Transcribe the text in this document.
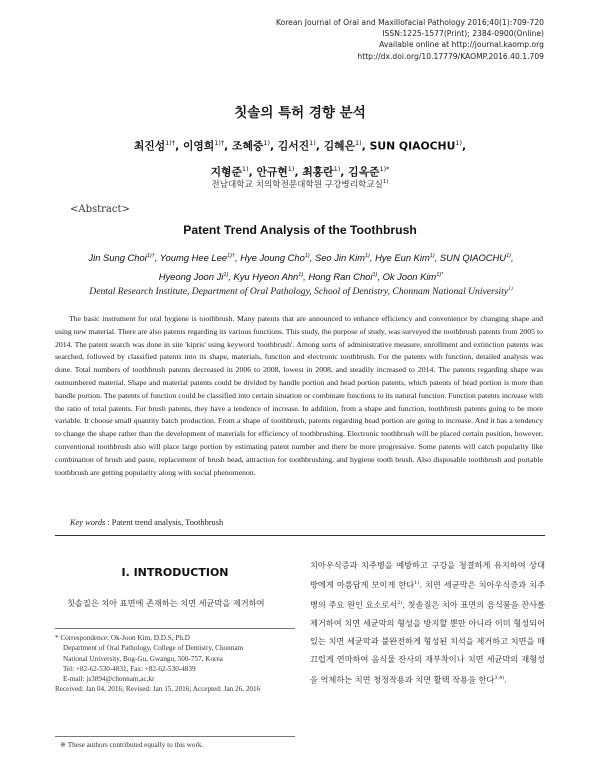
Korean Journal of Oral and Maxillofacial Pathology 2016;40(1):709-720
ISSN:1225-1577(Print); 2384-0900(Online)
Available online at http://journal.kaomp.org
http://dx.doi.org/10.17779/KAOMP.2016.40.1.709
칫솔의 특허 경향 분석
최진성$^{1)\dagger}$, 이영희$^{1)\dagger}$, 조혜중$^{1)}$, 김서진$^{1)}$, 김혜은$^{1)}$, SUN QIAOCHU$^{1)}$,
지형준$^{1)}$, 안규현$^{1)}$, 최홍란$^{1)}$, 김옥준$^{1)*}$
전남대학교 치의학전문대학원 구강병리학교실$^{1)}$
<Abstract>
Patent Trend Analysis of the Toothbrush
Jin Sung Choi$^{1)\dagger}$, Youmg Hee Lee$^{1)\dagger}$, Hye Joung Cho$^{1)}$, Seo Jin Kim$^{1)}$, Hye Eun Kim$^{1)}$, SUN QIAOCHU$^{1)}$,
Hyeong Joon Ji$^{1)}$, Kyu Hyeon Ahn$^{1)}$, Hong Ran Choi$^{1)}$, Ok Joon Kim$^{1)*}$
Dental Research Institute, Department of Oral Pathology, School of Dentistry, Chonnam National University$^{1)}$

The basic instrument for oral hygiene is toothbrush. Many patents that are announced to enhance efficiency and convenience by changing shape and using new material. There are also patents regarding its various functions. This study, the purpose of study, was surveyed the toothbrush patents from 2005 to 2014. The patent search was done in site 'kipris' using keyword 'toothbrush'. Among sorts of administrative measure, enrollment and extinction patents was searched, followed by classified patents into its shape, materials, function and electronic toothbrush. For the patents with function, detailed analysis was done. Total numbers of toothbrush patents decreased in 2006 to 2008, lowest in 2008, and steadily increased to 2014. The patents regarding shape was outnumbered material. Shape and material patents could be divided by handle portion and head portion patents, which patents of head portion is more than handle portion. The patents of function could be classified into certain situation or combinate functions to its natural function. Function patents increase with the ratio of total patents. For brush patents, they have a tendence of increase. In addition, from a shape and function, toothbrush patents going to be more variable. It choose small quantity batch production. From a shape of toothbrush, patents regarding head portion are going to increase. And it has a tendency to change the shape rather than the development of materials for efficiency of toothbrushing. Electronic toothbrush will be placed certain position, however, conventional toothbrush also will place large portion by estimating patent number and there be more progressive. Some patents will catch popularity like combination of brush and paste, replacement of brush head, attraction for toothbrushing, and hygiene tooth brush. Also disposable toothbrush and portable toothbrush are getting popularity along with social phenomenon.

Key words : Patent trend analysis, Toothbrush
Ⅰ. INTRODUCTION

칫솔질은 치아 표면에 존재하는 치면 세균막을 제거하여

* Correspondence: Ok-Joon Kim, D.D.S, Ph.D
Department of Oral Pathology, College of Dentistry, Chonnam
National University, Bug-Gu, Gwangu, 500-757, Korea
Tel: +82-62-530-4831, Fax: +82-62-530-4839
E-mail: js3894@chonnam,ac,kr
Received: Jan 04, 2016; Revised: Jan 15, 2016; Accepted: Jan 26, 2016
※ These authors contributed equally to this work.

치아우식증과 치주병을 예방하고 구강을 청결하게 유지하여 상대방에게 아름답게 보이게 한다$^{1)}$. 치면 세균막은 치아우식증과 치주병의 주요 원인 요소로서$^{2)}$, 칫솔질은 치아 표면의 음식물을 잔사를 제거하여 치면 세균막의 형성을 방지할 뿐만 아니라 이미 형성되어 있는 치면 세균막과 불완전하게 형성된 치석을 제거하고 치면을 매끄럽게 연마하여 음식물 잔사의 재부착이나 치면 세균막의 재형성을 억제하는 치면 청정작용과 치면 활택 작용을 한다$^{3,4)}$.
